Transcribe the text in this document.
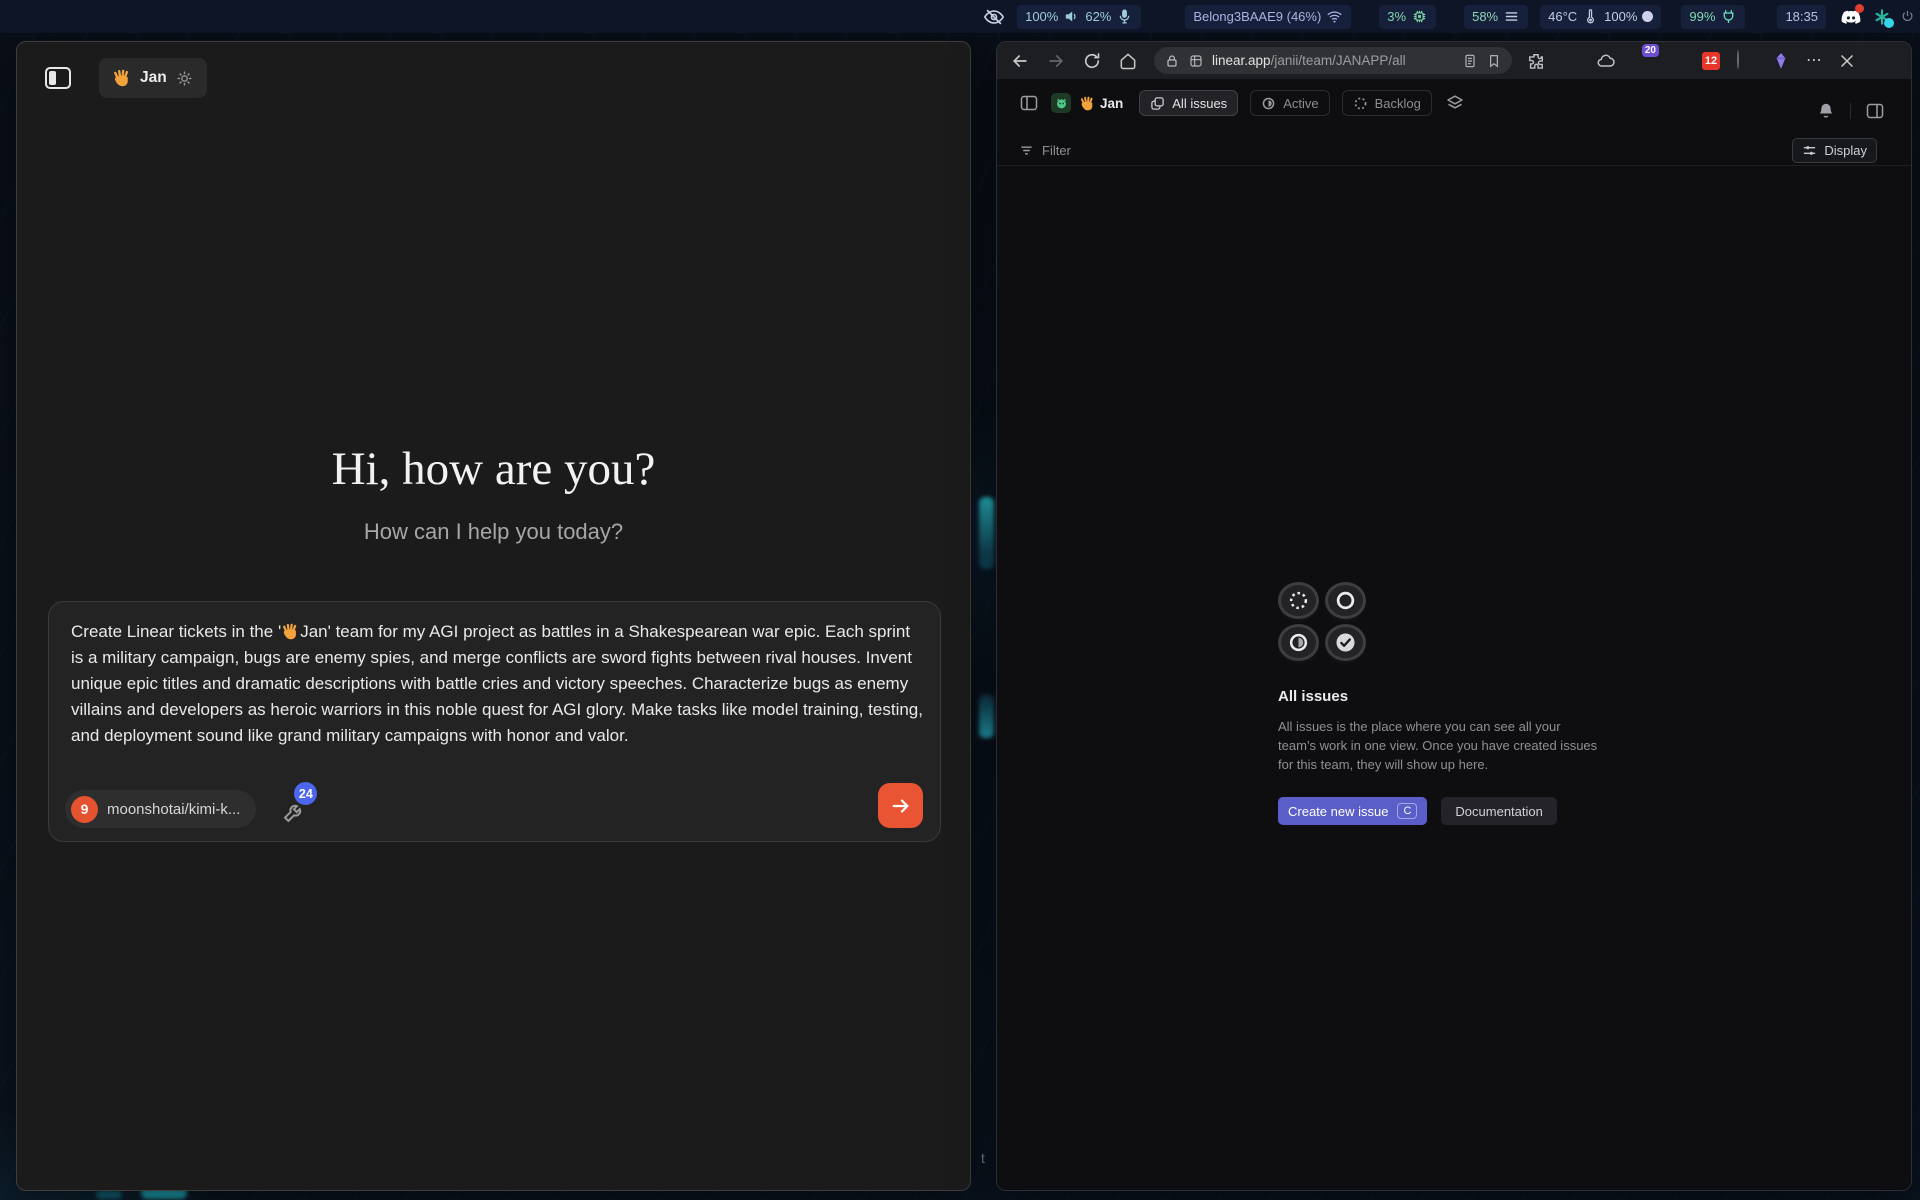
t
100% 62%	Belong3BAAE9 (46%)	3%	58%	46°C 100%	99%	18:35
Jan
Hi, how are you?
How can I help you today?
Create Linear tickets in the ' Jan' team for my AGI project as battles in a Shakespearean war epic. Each sprint is a military campaign, bugs are enemy spies, and merge conflicts are sword fights between rival houses. Invent unique epic titles and dramatic descriptions with battle cries and victory speeches. Characterize bugs as enemy villains and developers as heroic warriors in this noble quest for AGI glory. Make tasks like model training, testing, and deployment sound like grand military campaigns with honor and valor.
9	moonshotai/kimi-k...
24
linear.app/janii/team/JANAPP/all
20
12	⋯
Jan	All issues	Active	Backlog
Filter	Display
All issues
All issues is the place where you can see all your
team’s work in one view. Once you have created issues
for this team, they will show up here.
Create new issue	C	Documentation
